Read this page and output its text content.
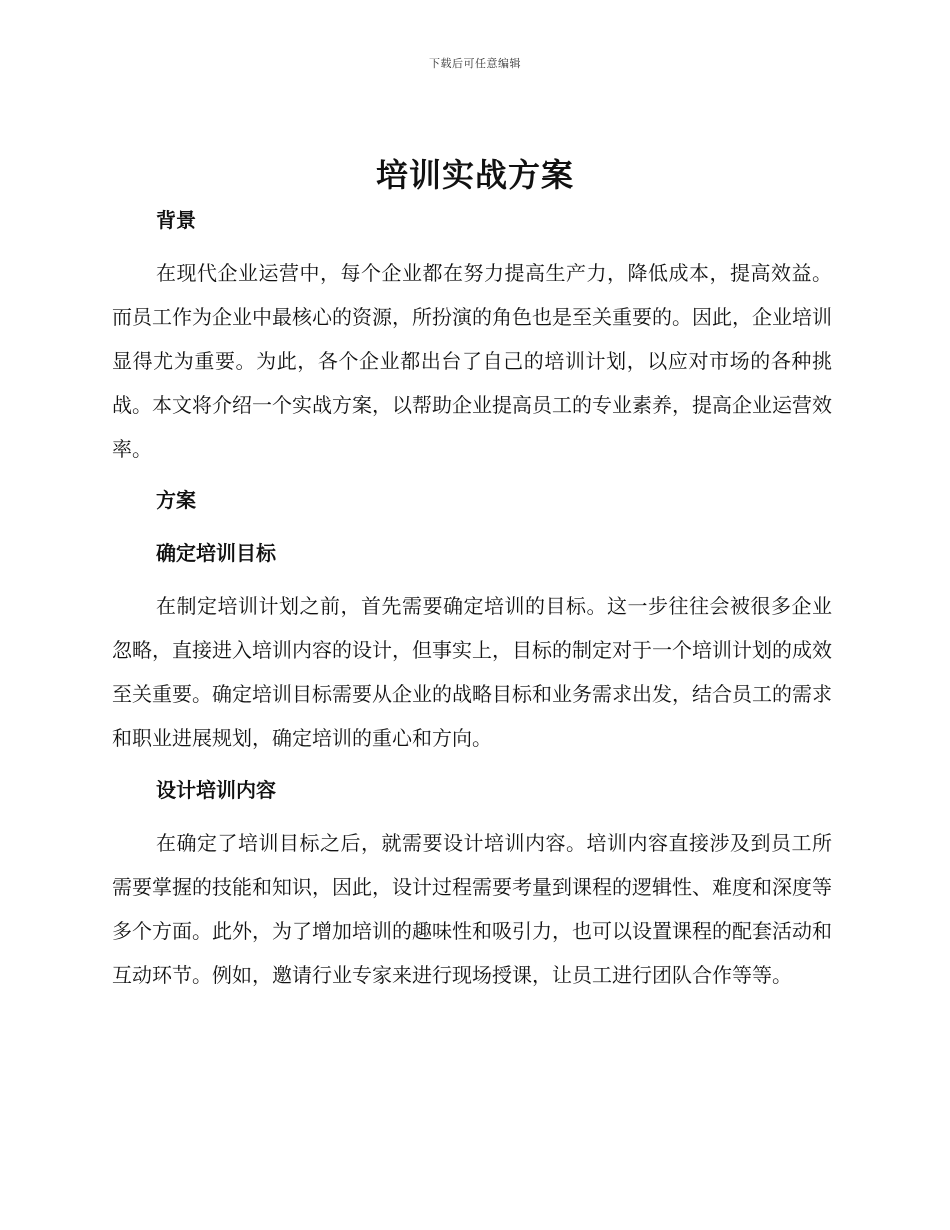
下载后可任意编辑
培训实战方案
背景

在现代企业运营中，每个企业都在努力提高生产力，降低成本，提高效益。而员工作为企业中最核心的资源，所扮演的角色也是至关重要的。因此，企业培训显得尤为重要。为此，各个企业都出台了自己的培训计划，以应对市场的各种挑战。本文将介绍一个实战方案，以帮助企业提高员工的专业素养，提高企业运营效率。

方案
确定培训目标

在制定培训计划之前，首先需要确定培训的目标。这一步往往会被很多企业忽略，直接进入培训内容的设计，但事实上，目标的制定对于一个培训计划的成效至关重要。确定培训目标需要从企业的战略目标和业务需求出发，结合员工的需求和职业进展规划，确定培训的重心和方向。

设计培训内容

在确定了培训目标之后，就需要设计培训内容。培训内容直接涉及到员工所需要掌握的技能和知识，因此，设计过程需要考量到课程的逻辑性、难度和深度等多个方面。此外，为了增加培训的趣味性和吸引力，也可以设置课程的配套活动和互动环节。例如，邀请行业专家来进行现场授课，让员工进行团队合作等等。
